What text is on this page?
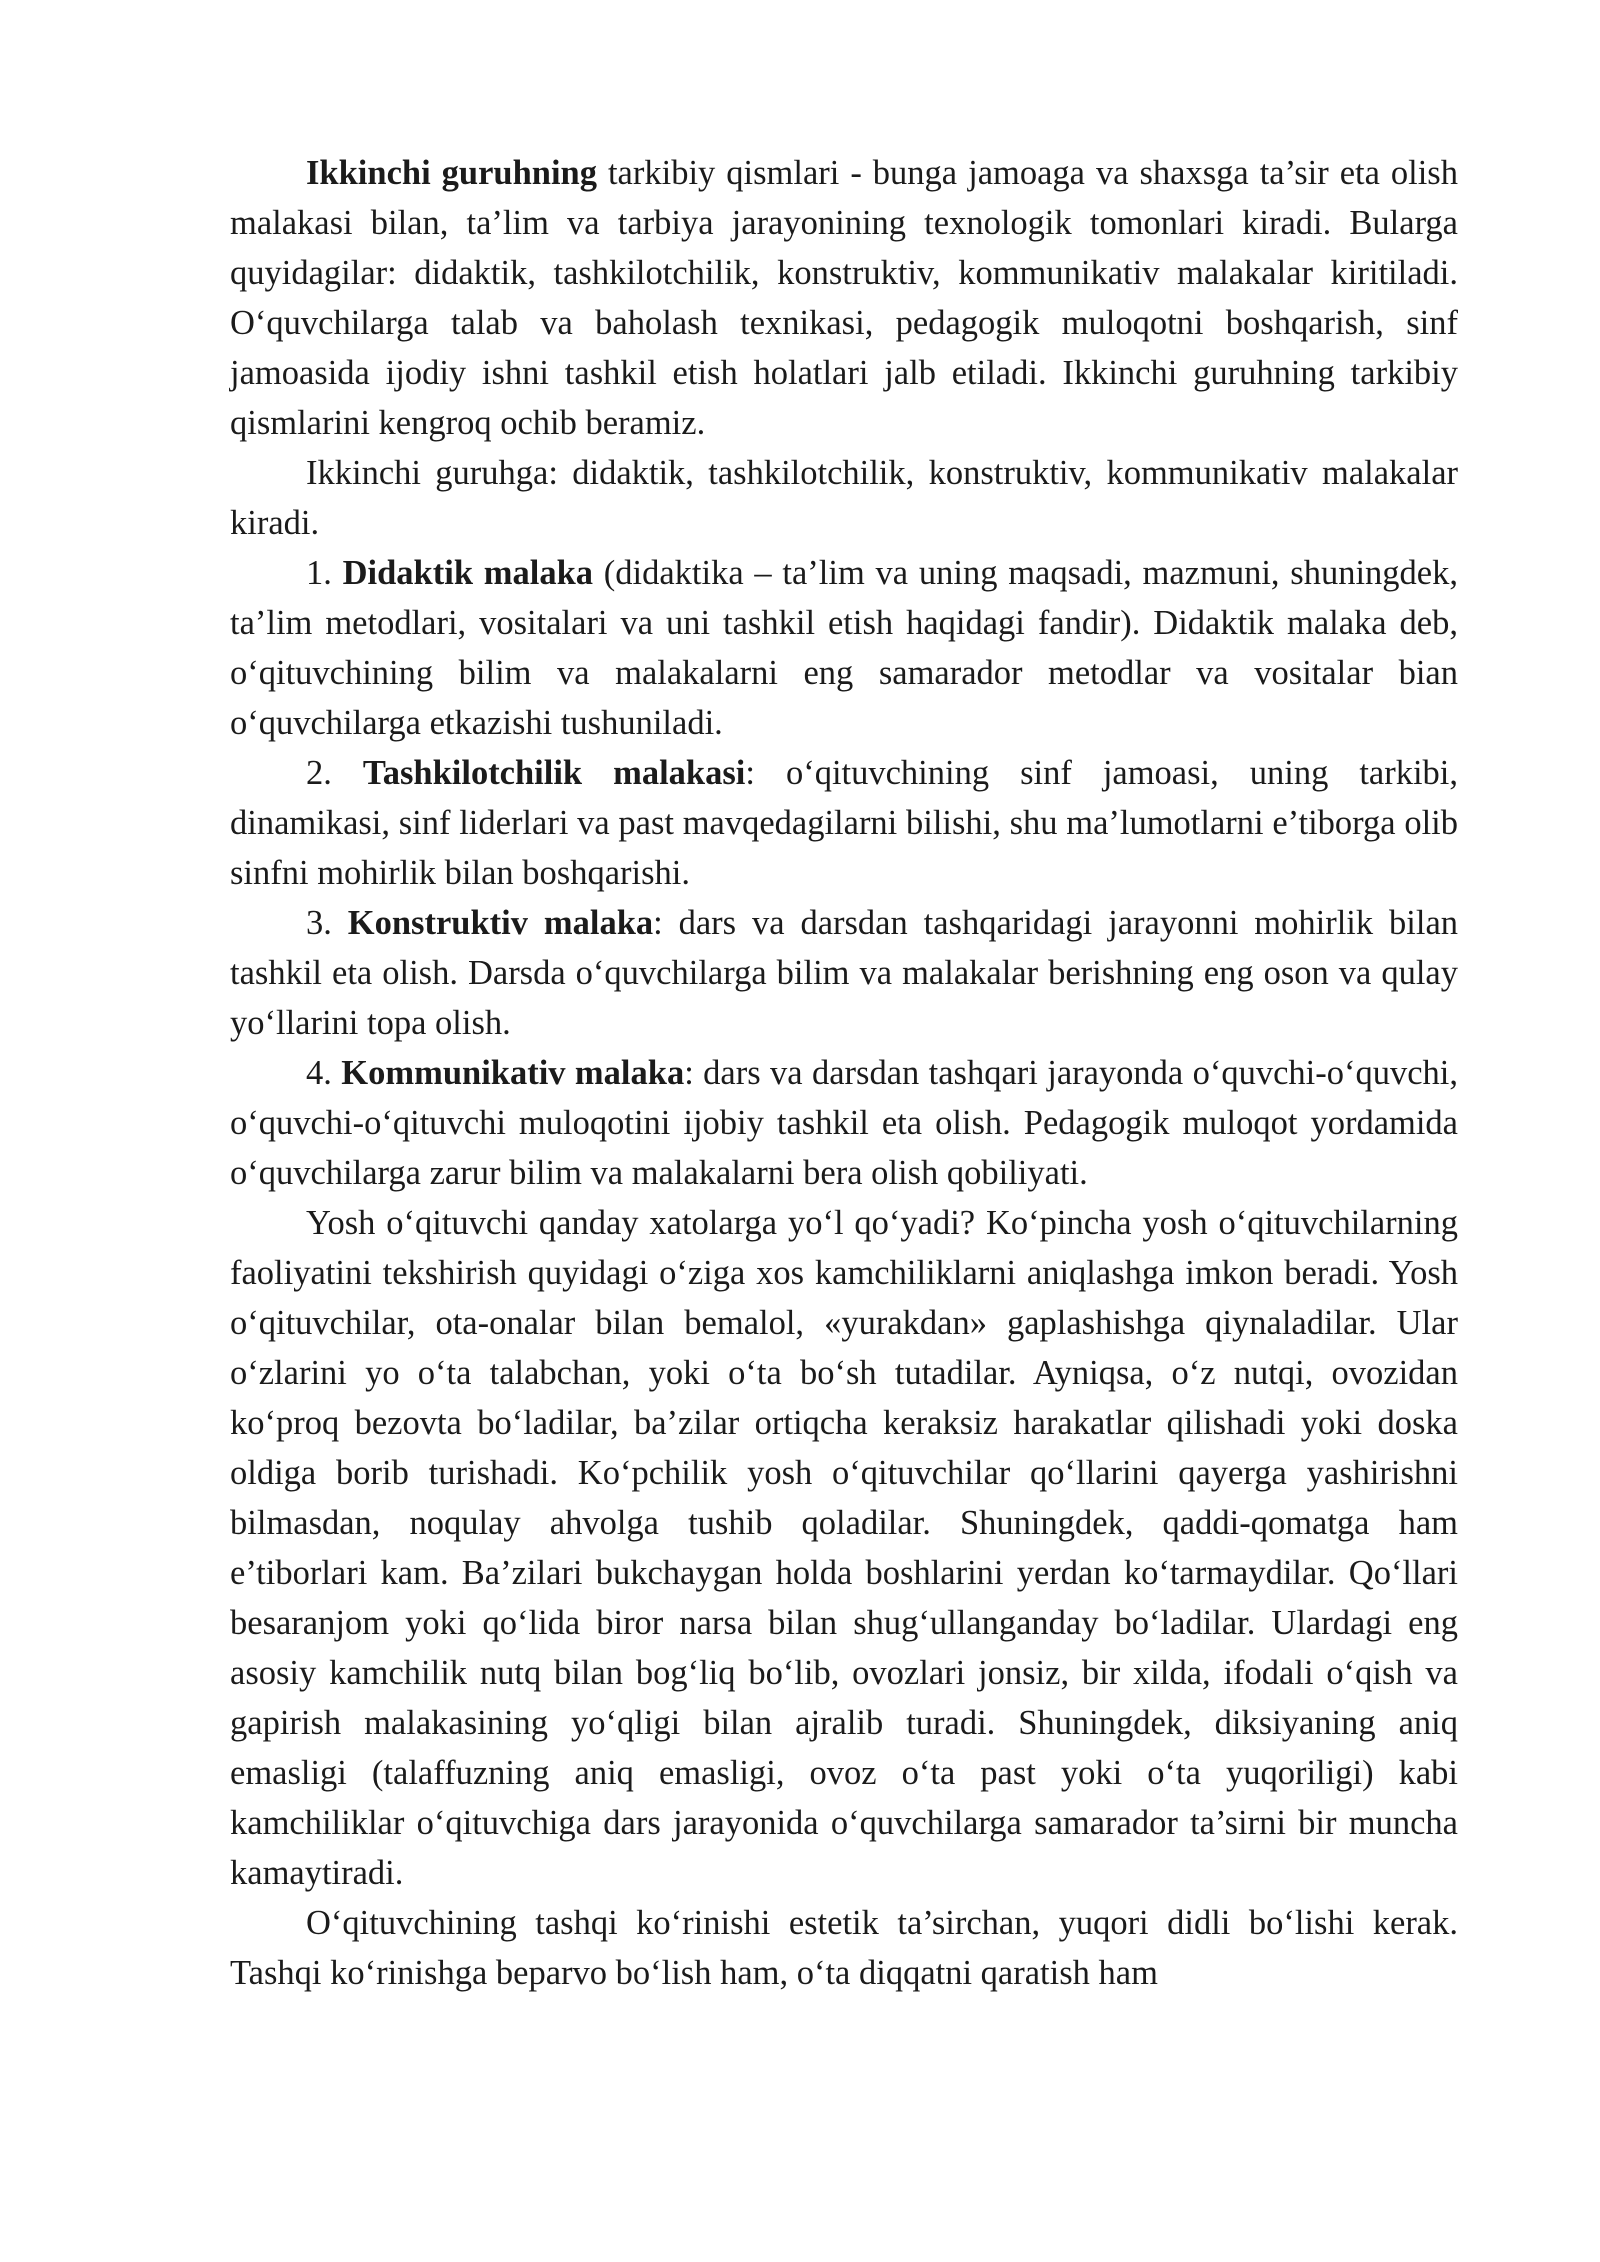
Ikkinchi guruhning tarkibiy qismlari - bunga jamoaga va shaxsga ta’sir eta olish malakasi bilan, ta’lim va tarbiya jarayonining texnologik tomonlari kiradi. Bularga quyidagilar: didaktik, tashkilotchilik, konstruktiv, kommunikativ malakalar kiritiladi. O‘quvchilarga talab va baholash texnikasi, pedagogik muloqotni boshqarish, sinf jamoasida ijodiy ishni tashkil etish holatlari jalb etiladi. Ikkinchi guruhning tarkibiy qismlarini kengroq ochib beramiz.

Ikkinchi guruhga: didaktik, tashkilotchilik, konstruktiv, kommunikativ malakalar kiradi.

1. Didaktik malaka (didaktika – ta’lim va uning maqsadi, mazmuni, shuningdek, ta’lim metodlari, vositalari va uni tashkil etish haqidagi fandir). Didaktik malaka deb, o‘qituvchining bilim va malakalarni eng samarador metodlar va vositalar bian o‘quvchilarga etkazishi tushuniladi.

2. Tashkilotchilik malakasi: o‘qituvchining sinf jamoasi, uning tarkibi, dinamikasi, sinf liderlari va past mavqedagilarni bilishi, shu ma’lumotlarni e’tiborga olib sinfni mohirlik bilan boshqarishi.

3. Konstruktiv malaka: dars va darsdan tashqaridagi jarayonni mohirlik bilan tashkil eta olish. Darsda o‘quvchilarga bilim va malakalar berishning eng oson va qulay yo‘llarini topa olish.

4. Kommunikativ malaka: dars va darsdan tashqari jarayonda o‘quvchi-o‘quvchi, o‘quvchi-o‘qituvchi muloqotini ijobiy tashkil eta olish. Pedagogik muloqot yordamida o‘quvchilarga zarur bilim va malakalarni bera olish qobiliyati.

Yosh o‘qituvchi qanday xatolarga yo‘l qo‘yadi? Ko‘pincha yosh o‘qituvchilarning faoliyatini tekshirish quyidagi o‘ziga xos kamchiliklarni aniqlashga imkon beradi. Yosh o‘qituvchilar, ota-onalar bilan bemalol, «yurakdan» gaplashishga qiynaladilar. Ular o‘zlarini yo o‘ta talabchan, yoki o‘ta bo‘sh tutadilar. Ayniqsa, o‘z nutqi, ovozidan ko‘proq bezovta bo‘ladilar, ba’zilar ortiqcha keraksiz harakatlar qilishadi yoki doska oldiga borib turishadi. Ko‘pchilik yosh o‘qituvchilar qo‘llarini qayerga yashirishni bilmasdan, noqulay ahvolga tushib qoladilar. Shuningdek, qaddi-qomatga ham e’tiborlari kam. Ba’zilari bukchaygan holda boshlarini yerdan ko‘tarmaydilar. Qo‘llari besaranjom yoki qo‘lida biror narsa bilan shug‘ullanganday bo‘ladilar. Ulardagi eng asosiy kamchilik nutq bilan bog‘liq bo‘lib, ovozlari jonsiz, bir xilda, ifodali o‘qish va gapirish malakasining yo‘qligi bilan ajralib turadi. Shuningdek, diksiyaning aniq emasligi (talaffuzning aniq emasligi, ovoz o‘ta past yoki o‘ta yuqoriligi) kabi kamchiliklar o‘qituvchiga dars jarayonida o‘quvchilarga samarador ta’sirni bir muncha kamaytiradi.

O‘qituvchining tashqi ko‘rinishi estetik ta’sirchan, yuqori didli bo‘lishi kerak. Tashqi ko‘rinishga beparvo bo‘lish ham, o‘ta diqqatni qaratish ham
